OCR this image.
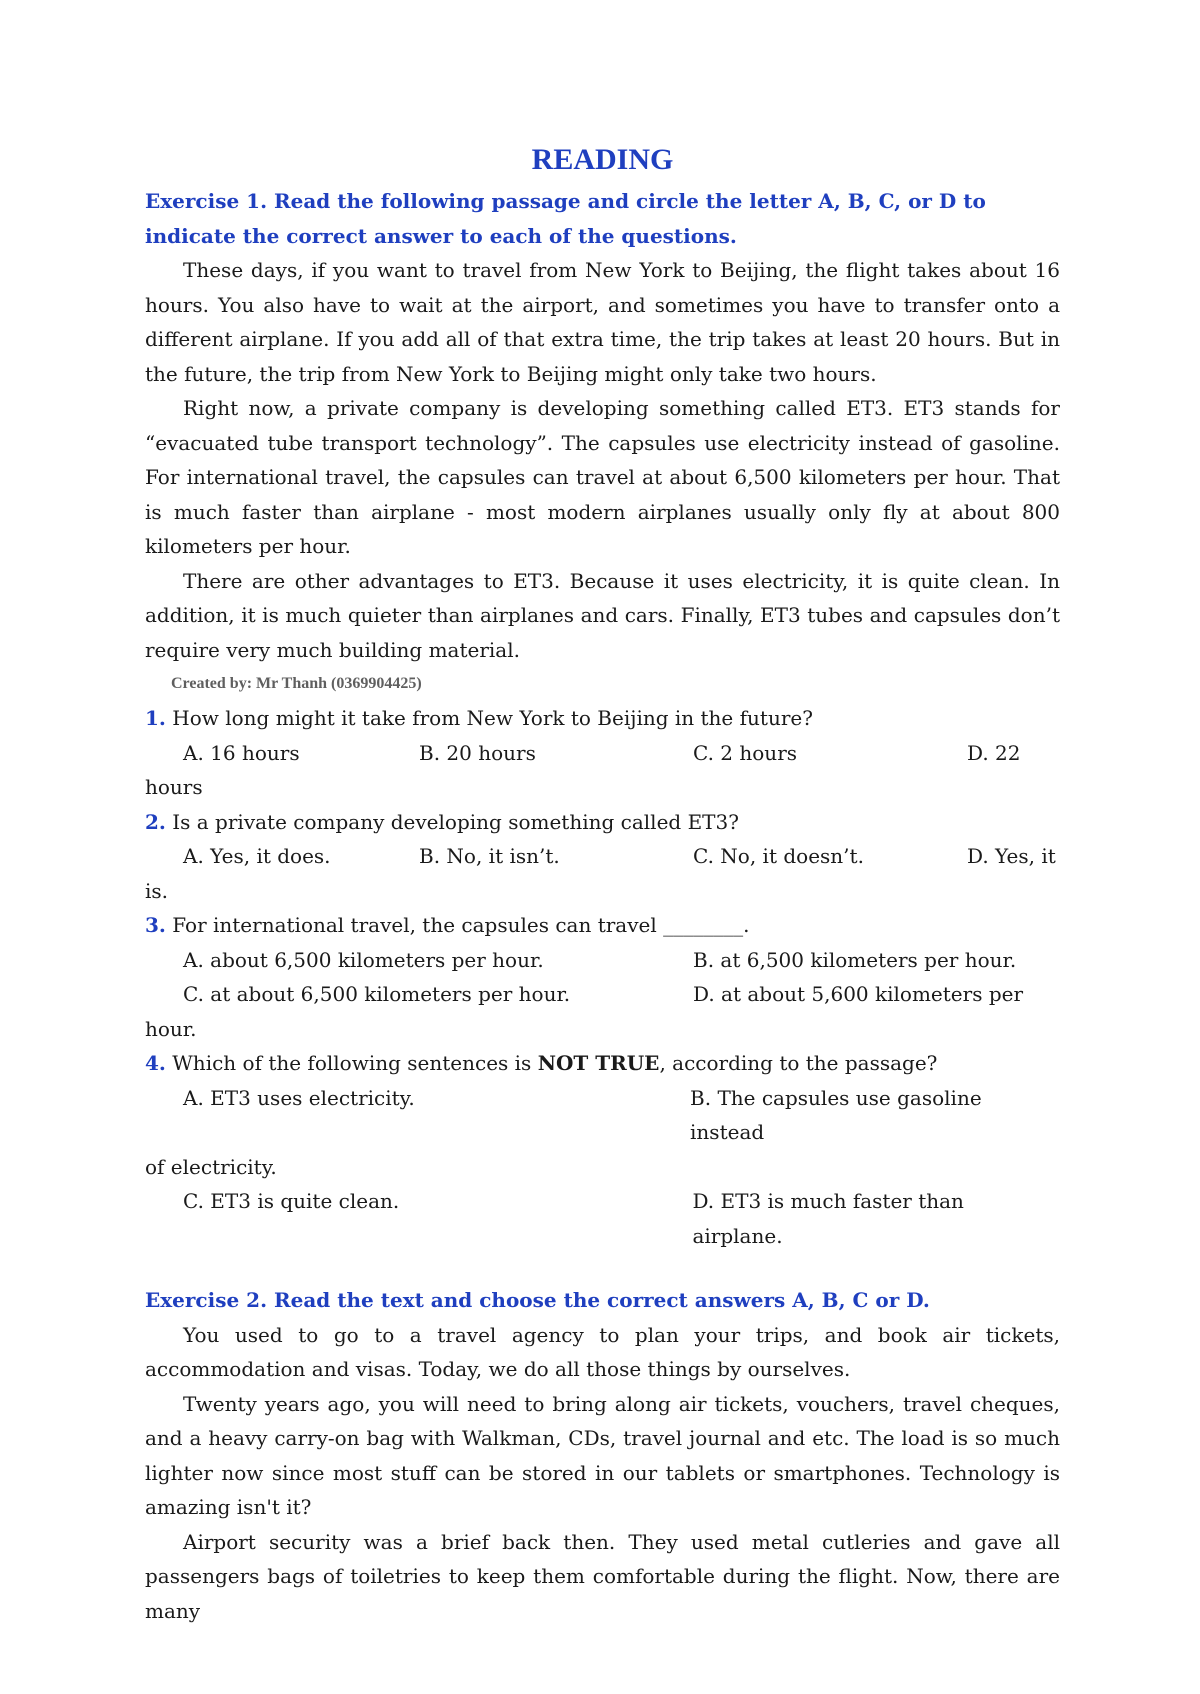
READING

Exercise 1. Read the following passage and circle the letter A, B, C, or D to indicate the correct answer to each of the questions.

These days, if you want to travel from New York to Beijing, the flight takes about 16 hours. You also have to wait at the airport, and sometimes you have to transfer onto a different airplane. If you add all of that extra time, the trip takes at least 20 hours. But in the future, the trip from New York to Beijing might only take two hours.

Right now, a private company is developing something called ET3. ET3 stands for “evacuated tube transport technology”. The capsules use electricity instead of gasoline. For international travel, the capsules can travel at about 6,500 kilometers per hour. That is much faster than airplane - most modern airplanes usually only fly at about 800 kilometers per hour.

There are other advantages to ET3. Because it uses electricity, it is quite clean. In addition, it is much quieter than airplanes and cars. Finally, ET3 tubes and capsules don’t require very much building material.

Created by: Mr Thanh (0369904425)

1. How long might it take from New York to Beijing in the future?

A. 16 hours	B. 20 hours	C. 2 hours	D. 22

hours

2. Is a private company developing something called ET3?

A. Yes, it does.	B. No, it isn’t.	C. No, it doesn’t.	D. Yes, it

is.

3. For international travel, the capsules can travel ________.

A. about 6,500 kilometers per hour.	B. at 6,500 kilometers per hour.
C. at about 6,500 kilometers per hour.	D. at about 5,600 kilometers per

hour.

4. Which of the following sentences is NOT TRUE, according to the passage?

A. ET3 uses electricity.	B. The capsules use gasoline instead

of electricity.

C. ET3 is quite clean.	D. ET3 is much faster than airplane.

Exercise 2. Read the text and choose the correct answers A, B, C or D.

You used to go to a travel agency to plan your trips, and book air tickets, accommodation and visas. Today, we do all those things by ourselves.

Twenty years ago, you will need to bring along air tickets, vouchers, travel cheques, and a heavy carry-on bag with Walkman, CDs, travel journal and etc. The load is so much lighter now since most stuff can be stored in our tablets or smartphones. Technology is amazing isn't it?

Airport security was a brief back then. They used metal cutleries and gave all passengers bags of toiletries to keep them comfortable during the flight. Now, there are many
